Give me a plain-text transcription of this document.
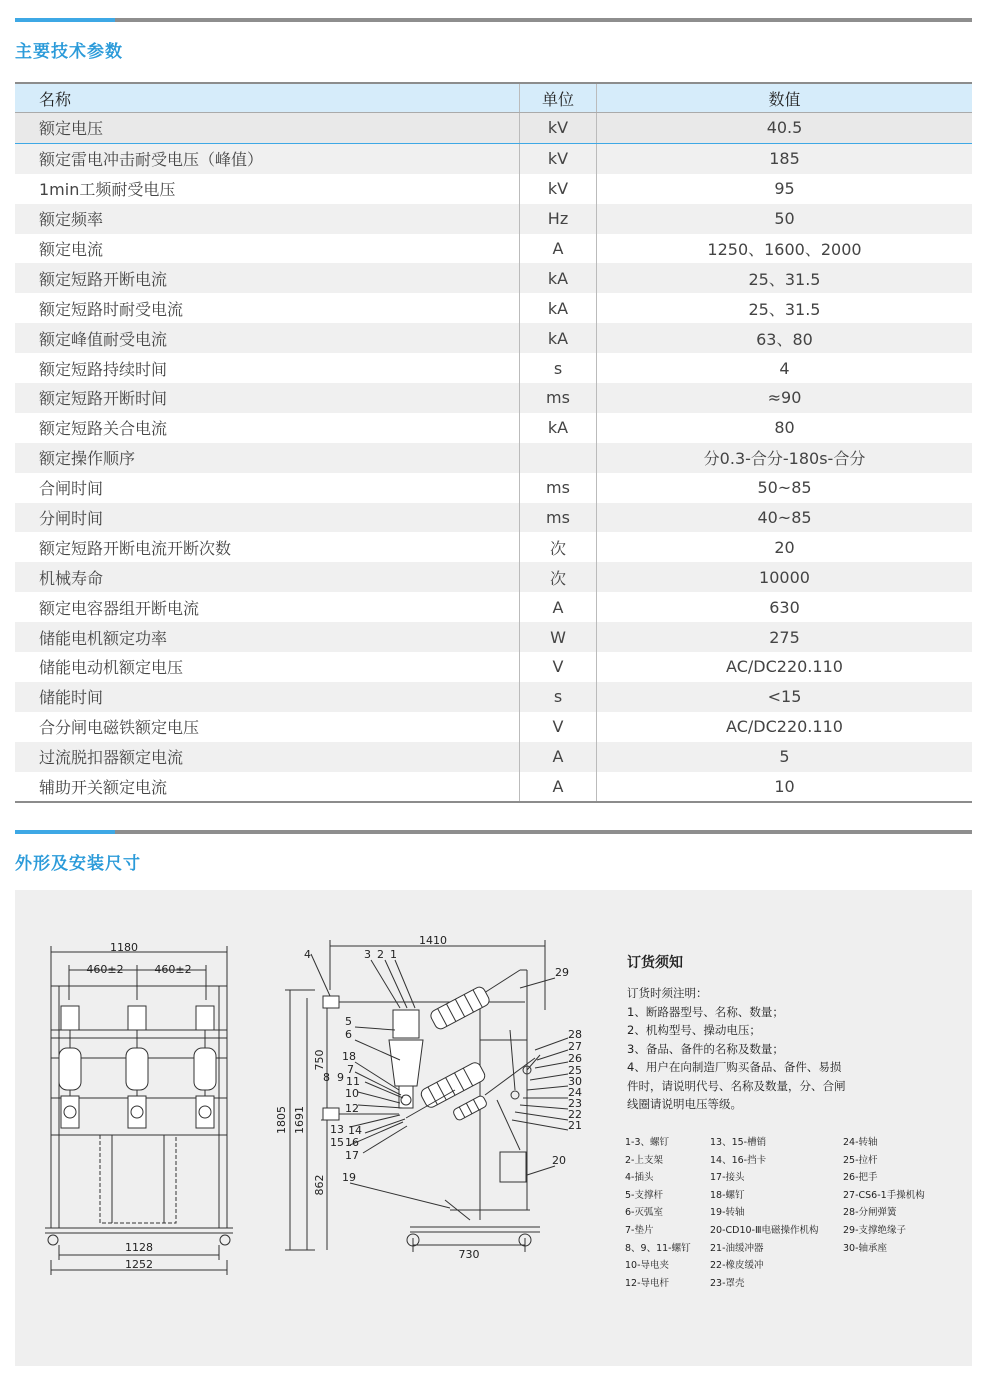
主要技术参数
名称	单位	数值
额定电压	kV	40.5
额定雷电冲击耐受电压（峰值）	kV	185
1min工频耐受电压	kV	95
额定频率	Hz	50
额定电流	A	1250、1600、2000
额定短路开断电流	kA	25、31.5
额定短路时耐受电流	kA	25、31.5
额定峰值耐受电流	kA	63、80
额定短路持续时间	s	4
额定短路开断时间	ms	≈90
额定短路关合电流	kA	80
额定操作顺序		分0.3-合分-180s-合分
合闸时间	ms	50~85
分闸时间	ms	40~85
额定短路开断电流开断次数	次	20
机械寿命	次	10000
额定电容器组开断电流	A	630
储能电机额定功率	W	275
储能电动机额定电压	V	AC/DC220.110
储能时间	s	<15
合分闸电磁铁额定电压	V	AC/DC220.110
过流脱扣器额定电流	A	5
辅助开关额定电流	A	10
外形及安装尺寸
1180
460±2	460±2
1128
1252
1410
1805 1691
750
862
730
4	3 2 1
29
5
6
18
7
8 9 11
10
12
13 14
15 16
17
19
28
27
26
25
30
24
23
22
21
20
订货须知

订货时须注明：

1、断路器型号、名称、数量；

2、机构型号、操动电压；

3、备品、备件的名称及数量；

4、用户在向制造厂购买备品、备件、易损

件时，请说明代号、名称及数量，分、合闸

线圈请说明电压等级。

1-3、螺钉
2-上支架
4-插头
5-支撑杆
6-灭弧室
7-垫片
8、9、11-螺钉
10-导电夹
12-导电杆
13、15-槽销
14、16-挡卡
17-接头
18-螺钉
19-转轴
20-CD10-Ⅲ电磁操作机构
21-油缓冲器
22-橡皮缓冲
23-罩壳
24-转轴
25-拉杆
26-把手
27-CS6-1手操机构
28-分闸弹簧
29-支撑绝缘子
30-轴承座
